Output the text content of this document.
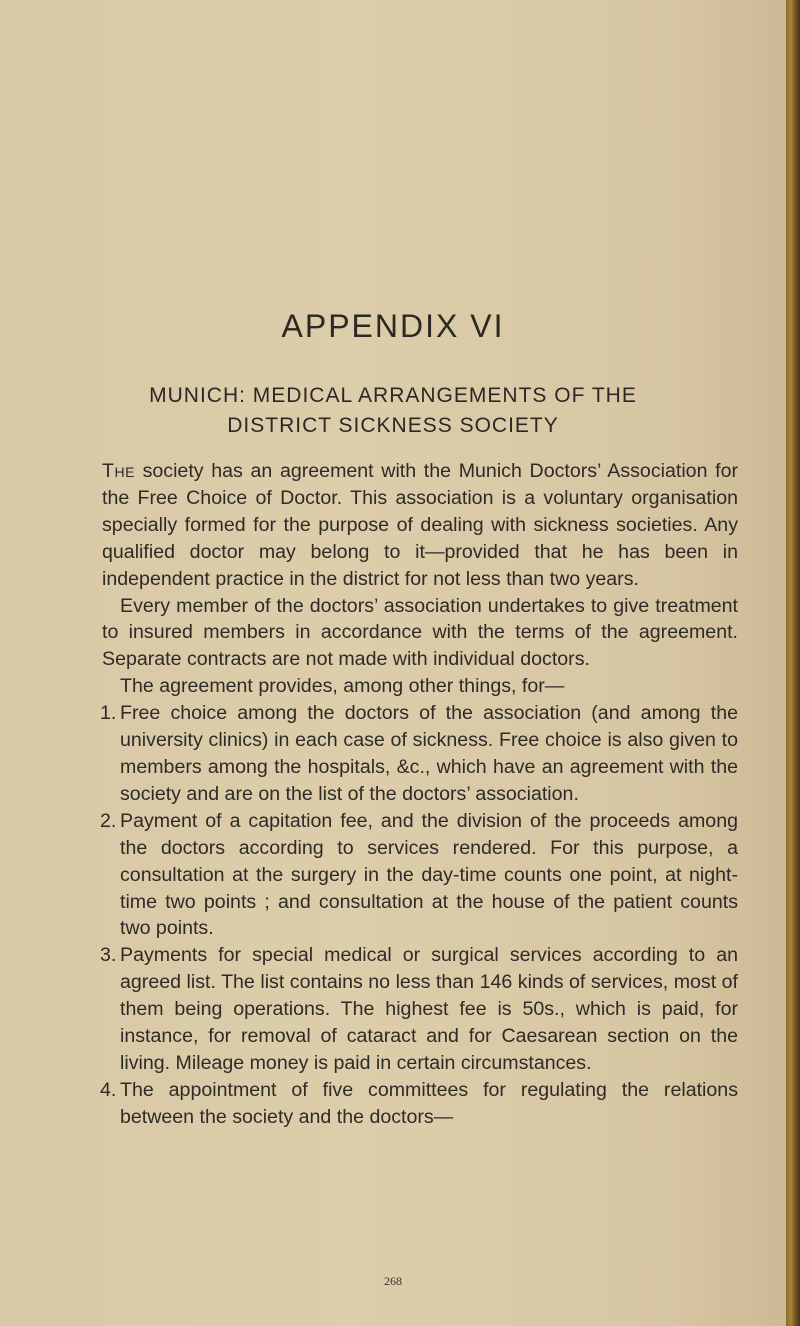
APPENDIX VI
MUNICH: MEDICAL ARRANGEMENTS OF THE
DISTRICT SICKNESS SOCIETY

The society has an agreement with the Munich Doctors’ Association for the Free Choice of Doctor. This association is a voluntary organisation specially formed for the purpose of dealing with sickness societies. Any qualified doctor may belong to it—provided that he has been in independent practice in the district for not less than two years.

Every member of the doctors’ association undertakes to give treatment to insured members in accordance with the terms of the agreement. Separate contracts are not made with individual doctors.

The agreement provides, among other things, for—

1. Free choice among the doctors of the association (and among the university clinics) in each case of sickness. Free choice is also given to members among the hospitals, &c., which have an agreement with the society and are on the list of the doctors’ association.
2. Payment of a capitation fee, and the division of the proceeds among the doctors according to services rendered. For this purpose, a consultation at the surgery in the day-time counts one point, at night-time two points ; and consultation at the house of the patient counts two points.
3. Payments for special medical or surgical services according to an agreed list. The list contains no less than 146 kinds of services, most of them being operations. The highest fee is 50s., which is paid, for instance, for removal of cataract and for Caesarean section on the living. Mileage money is paid in certain circumstances.
4. The appointment of five committees for regulating the relations between the society and the doctors—
268
